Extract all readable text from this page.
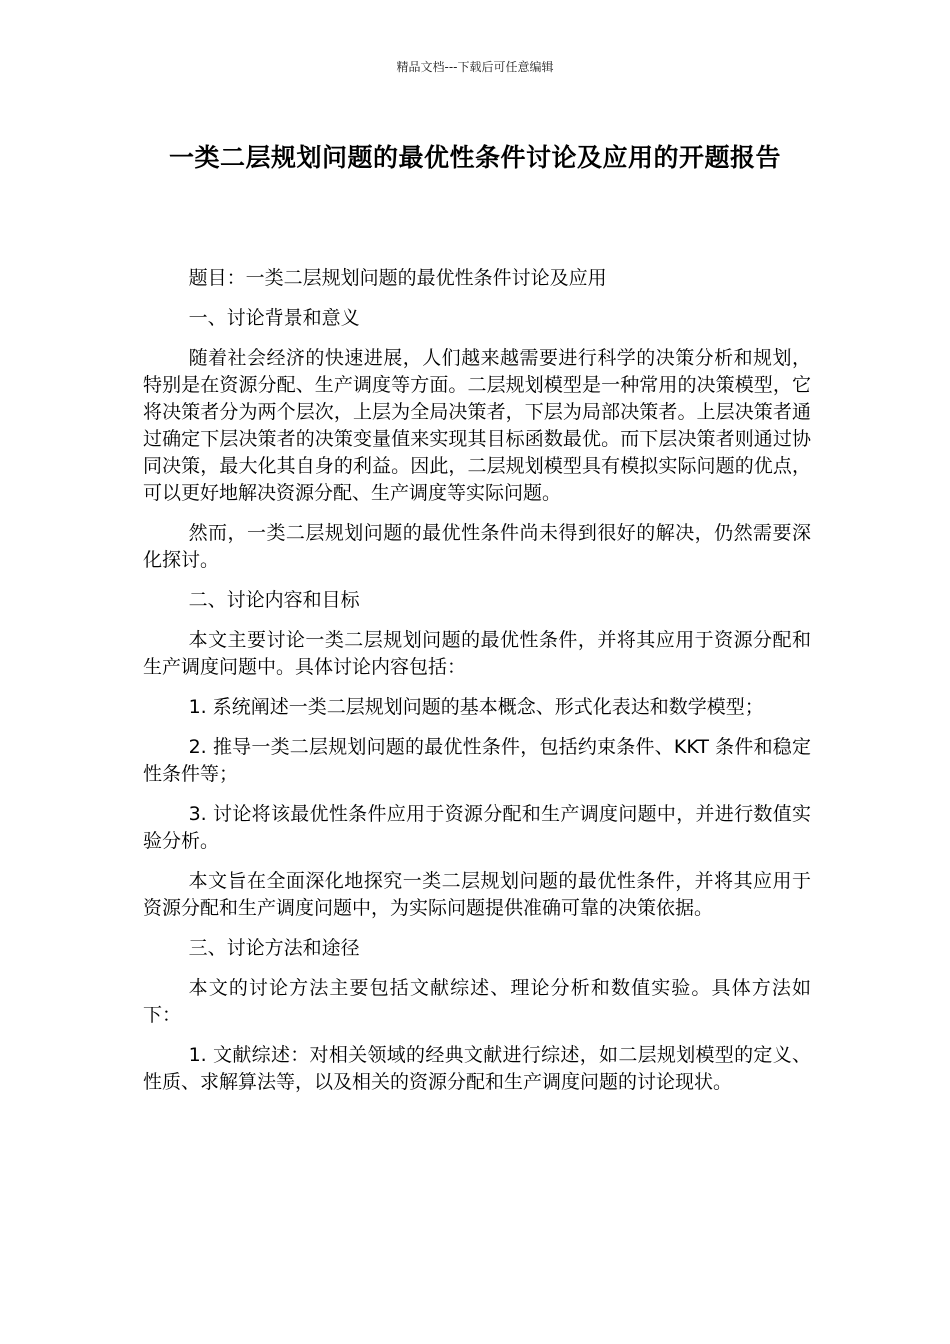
精品文档---下载后可任意编辑
一类二层规划问题的最优性条件讨论及应用的开题报告

题目：一类二层规划问题的最优性条件讨论及应用

一、讨论背景和意义

随着社会经济的快速进展，人们越来越需要进行科学的决策分析和规划，特别是在资源分配、生产调度等方面。二层规划模型是一种常用的决策模型，它将决策者分为两个层次，上层为全局决策者，下层为局部决策者。上层决策者通过确定下层决策者的决策变量值来实现其目标函数最优。而下层决策者则通过协同决策，最大化其自身的利益。因此，二层规划模型具有模拟实际问题的优点，可以更好地解决资源分配、生产调度等实际问题。

然而，一类二层规划问题的最优性条件尚未得到很好的解决，仍然需要深化探讨。

二、讨论内容和目标

本文主要讨论一类二层规划问题的最优性条件，并将其应用于资源分配和生产调度问题中。具体讨论内容包括：

1. 系统阐述一类二层规划问题的基本概念、形式化表达和数学模型；

2. 推导一类二层规划问题的最优性条件，包括约束条件、KKT 条件和稳定性条件等；

3. 讨论将该最优性条件应用于资源分配和生产调度问题中，并进行数值实验分析。

本文旨在全面深化地探究一类二层规划问题的最优性条件，并将其应用于资源分配和生产调度问题中，为实际问题提供准确可靠的决策依据。

三、讨论方法和途径

本文的讨论方法主要包括文献综述、理论分析和数值实验。具体方法如下：

1. 文献综述：对相关领域的经典文献进行综述，如二层规划模型的定义、性质、求解算法等，以及相关的资源分配和生产调度问题的讨论现状。
